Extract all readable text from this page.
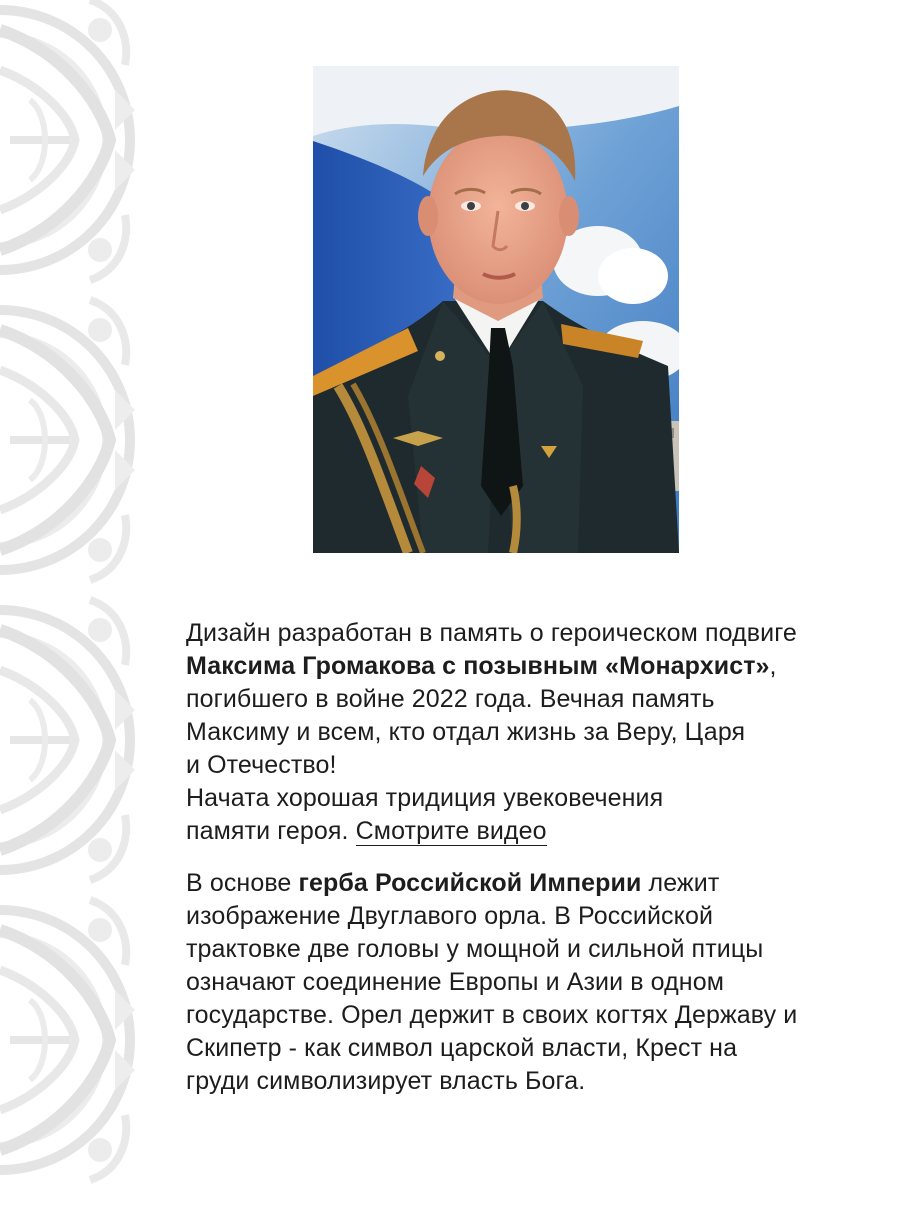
Дизайн разработан в память о героическом подвиге
Максима Громакова с позывным «Монархист»,
погибшего в войне 2022 года. Вечная память
Максиму и всем, кто отдал жизнь за Веру, Царя
и Отечество!
Начата хорошая тридиция увековечения
памяти героя. Смотрите видео
В основе герба Российской Империи лежит
изображение Двуглавого орла. В Российской
трактовке две головы у мощной и сильной птицы
означают соединение Европы и Азии в одном
государстве. Орел держит в своих когтях Державу и
Скипетр - как символ царской власти, Крест на
груди символизирует власть Бога.
